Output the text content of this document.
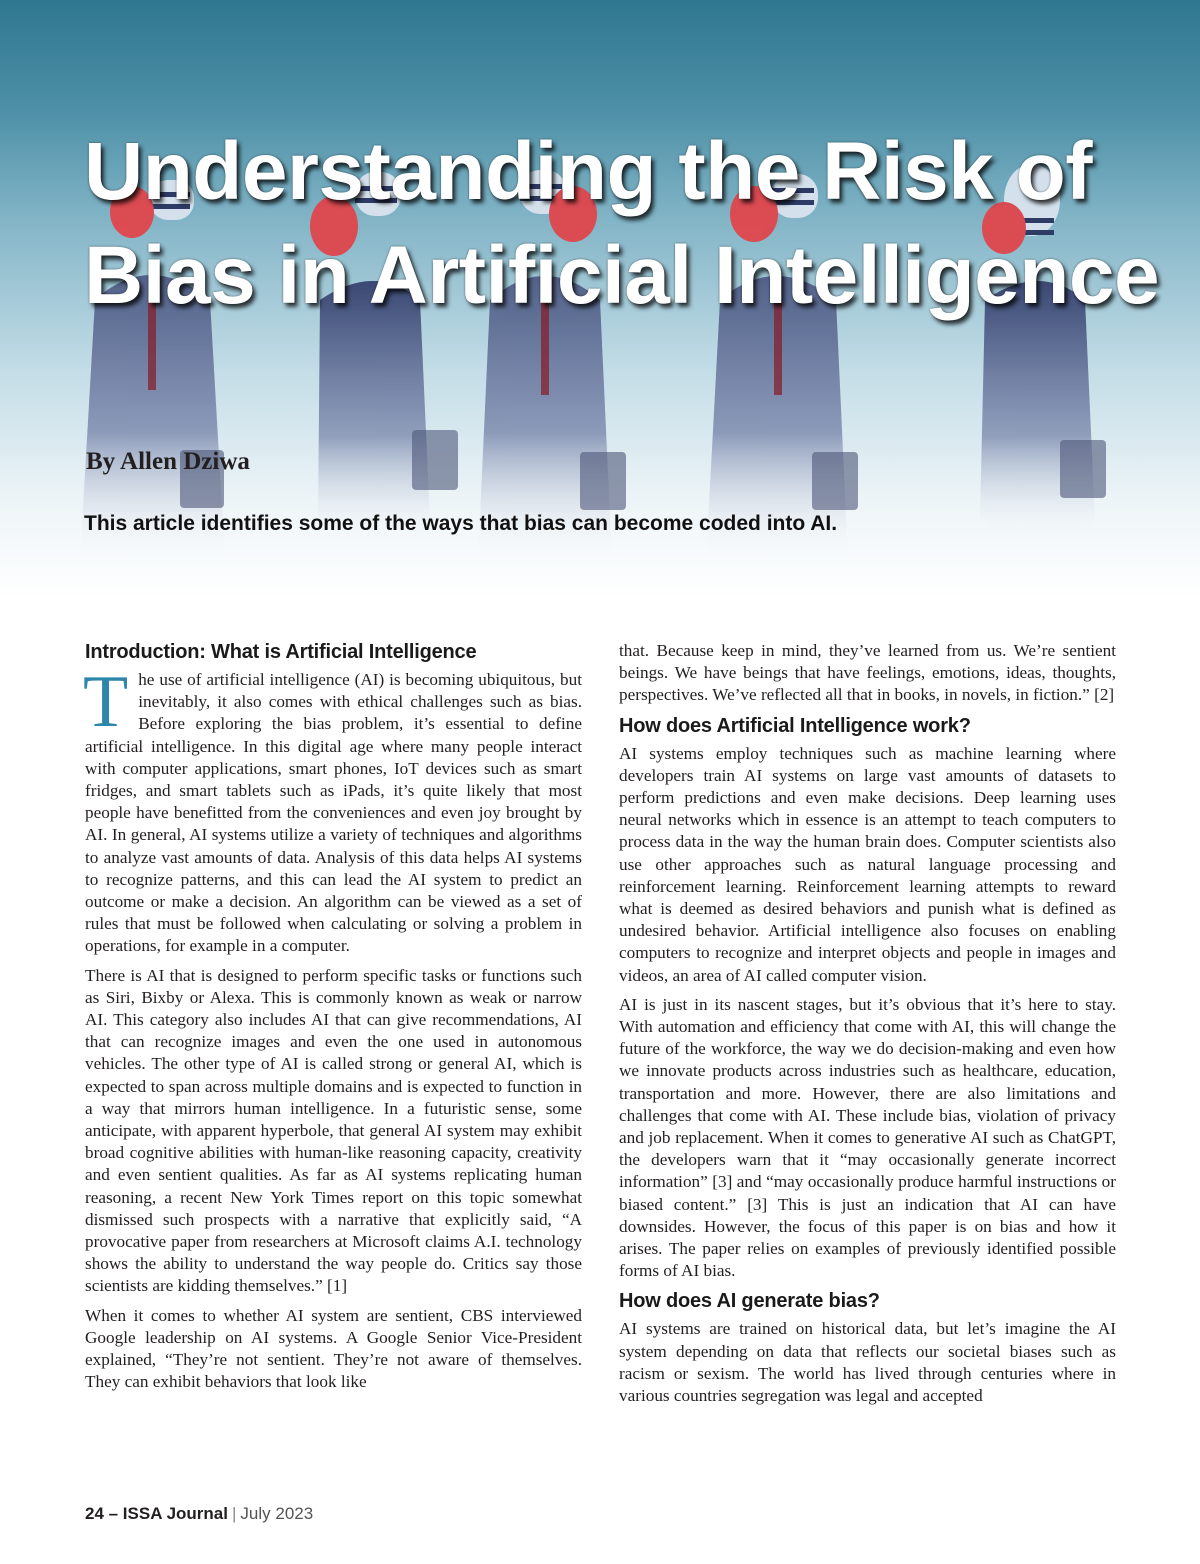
Understanding the Risk of
Bias in Artificial Intelligence

By Allen Dziwa

This article identifies some of the ways that bias can become coded into AI.

Introduction: What is Artificial Intelligence

The use of artificial intelligence (AI) is becoming ubiquitous, but inevitably, it also comes with ethical challenges such as bias. Before exploring the bias problem, it’s essential to define artificial intelligence. In this digital age where many people interact with computer applications, smart phones, IoT devices such as smart fridges, and smart tablets such as iPads, it’s quite likely that most people have benefitted from the conveniences and even joy brought by AI. In general, AI systems utilize a variety of techniques and algorithms to analyze vast amounts of data. Analysis of this data helps AI systems to recognize patterns, and this can lead the AI system to predict an outcome or make a decision. An algorithm can be viewed as a set of rules that must be followed when calculating or solving a problem in operations, for example in a computer.

There is AI that is designed to perform specific tasks or functions such as Siri, Bixby or Alexa. This is commonly known as weak or narrow AI. This category also includes AI that can give recommendations, AI that can recognize images and even the one used in autonomous vehicles. The other type of AI is called strong or general AI, which is expected to span across multiple domains and is expected to function in a way that mirrors human intelligence. In a futuristic sense, some anticipate, with apparent hyperbole, that general AI system may exhibit broad cognitive abilities with human-like reasoning capacity, creativity and even sentient qualities. As far as AI systems replicating human reasoning, a recent New York Times report on this topic somewhat dismissed such prospects with a narrative that explicitly said, “A provocative paper from researchers at Microsoft claims A.I. technology shows the ability to understand the way people do. Critics say those scientists are kidding themselves.” [1]

When it comes to whether AI system are sentient, CBS interviewed Google leadership on AI systems. A Google Senior Vice-President explained, “They’re not sentient. They’re not aware of themselves. They can exhibit behaviors that look like

that. Because keep in mind, they’ve learned from us. We’re sentient beings. We have beings that have feelings, emotions, ideas, thoughts, perspectives. We’ve reflected all that in books, in novels, in fiction.” [2]

How does Artificial Intelligence work?

AI systems employ techniques such as machine learning where developers train AI systems on large vast amounts of datasets to perform predictions and even make decisions. Deep learning uses neural networks which in essence is an attempt to teach computers to process data in the way the human brain does. Computer scientists also use other approaches such as natural language processing and reinforcement learning. Reinforcement learning attempts to reward what is deemed as desired behaviors and punish what is defined as undesired behavior. Artificial intelligence also focuses on enabling computers to recognize and interpret objects and people in images and videos, an area of AI called computer vision.

AI is just in its nascent stages, but it’s obvious that it’s here to stay. With automation and efficiency that come with AI, this will change the future of the workforce, the way we do decision-making and even how we innovate products across industries such as healthcare, education, transportation and more. However, there are also limitations and challenges that come with AI. These include bias, violation of privacy and job replacement. When it comes to generative AI such as ChatGPT, the developers warn that it “may occasionally generate incorrect information” [3] and “may occasionally produce harmful instructions or biased content.” [3] This is just an indication that AI can have downsides. However, the focus of this paper is on bias and how it arises. The paper relies on examples of previously identified possible forms of AI bias.

How does AI generate bias?

AI systems are trained on historical data, but let’s imagine the AI system depending on data that reflects our societal biases such as racism or sexism. The world has lived through centuries where in various countries segregation was legal and accepted

24 – ISSA Journal | July 2023
